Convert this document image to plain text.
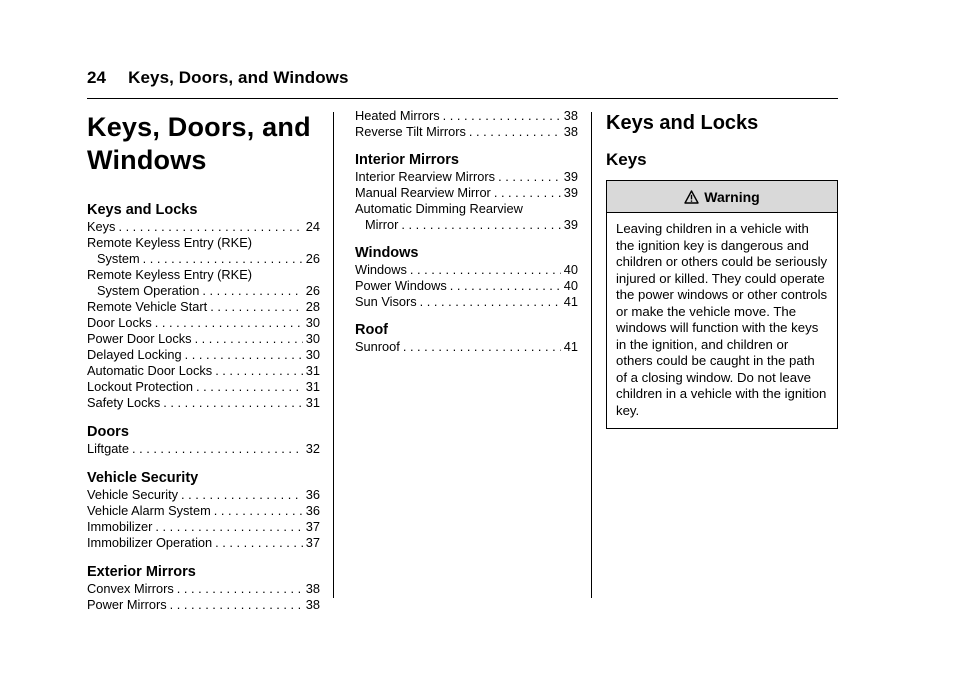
24 Keys, Doors, and Windows
Keys, Doors, and
Windows
Keys and Locks
Keys . . .	24
Remote Keyless Entry (RKE)
System . . .	26
Remote Keyless Entry (RKE)
System Operation . . .	26
Remote Vehicle Start . . .	28
Door Locks . . .	30
Power Door Locks . . .	30
Delayed Locking . . .	30
Automatic Door Locks . . .	31
Lockout Protection . . .	31
Safety Locks . . .	31
Doors
Liftgate . . .	32
Vehicle Security
Vehicle Security . . .	36
Vehicle Alarm System . . .	36
Immobilizer . . .	37
Immobilizer Operation . . .	37
Exterior Mirrors
Convex Mirrors . . .	38
Power Mirrors . . .	38
Heated Mirrors . . .	38
Reverse Tilt Mirrors . . .	38
Interior Mirrors
Interior Rearview Mirrors . . .	39
Manual Rearview Mirror . . .	39
Automatic Dimming Rearview
Mirror . . .	39
Windows
Windows . . .	40
Power Windows . . .	40
Sun Visors . . .	41
Roof
Sunroof . . .	41
Keys and Locks
Keys
Warning
Leaving children in a vehicle with the ignition key is dangerous and children or others could be seriously injured or killed. They could operate the power windows or other controls or make the vehicle move. The windows will function with the keys in the ignition, and children or others could be caught in the path of a closing window. Do not leave children in a vehicle with the ignition key.
